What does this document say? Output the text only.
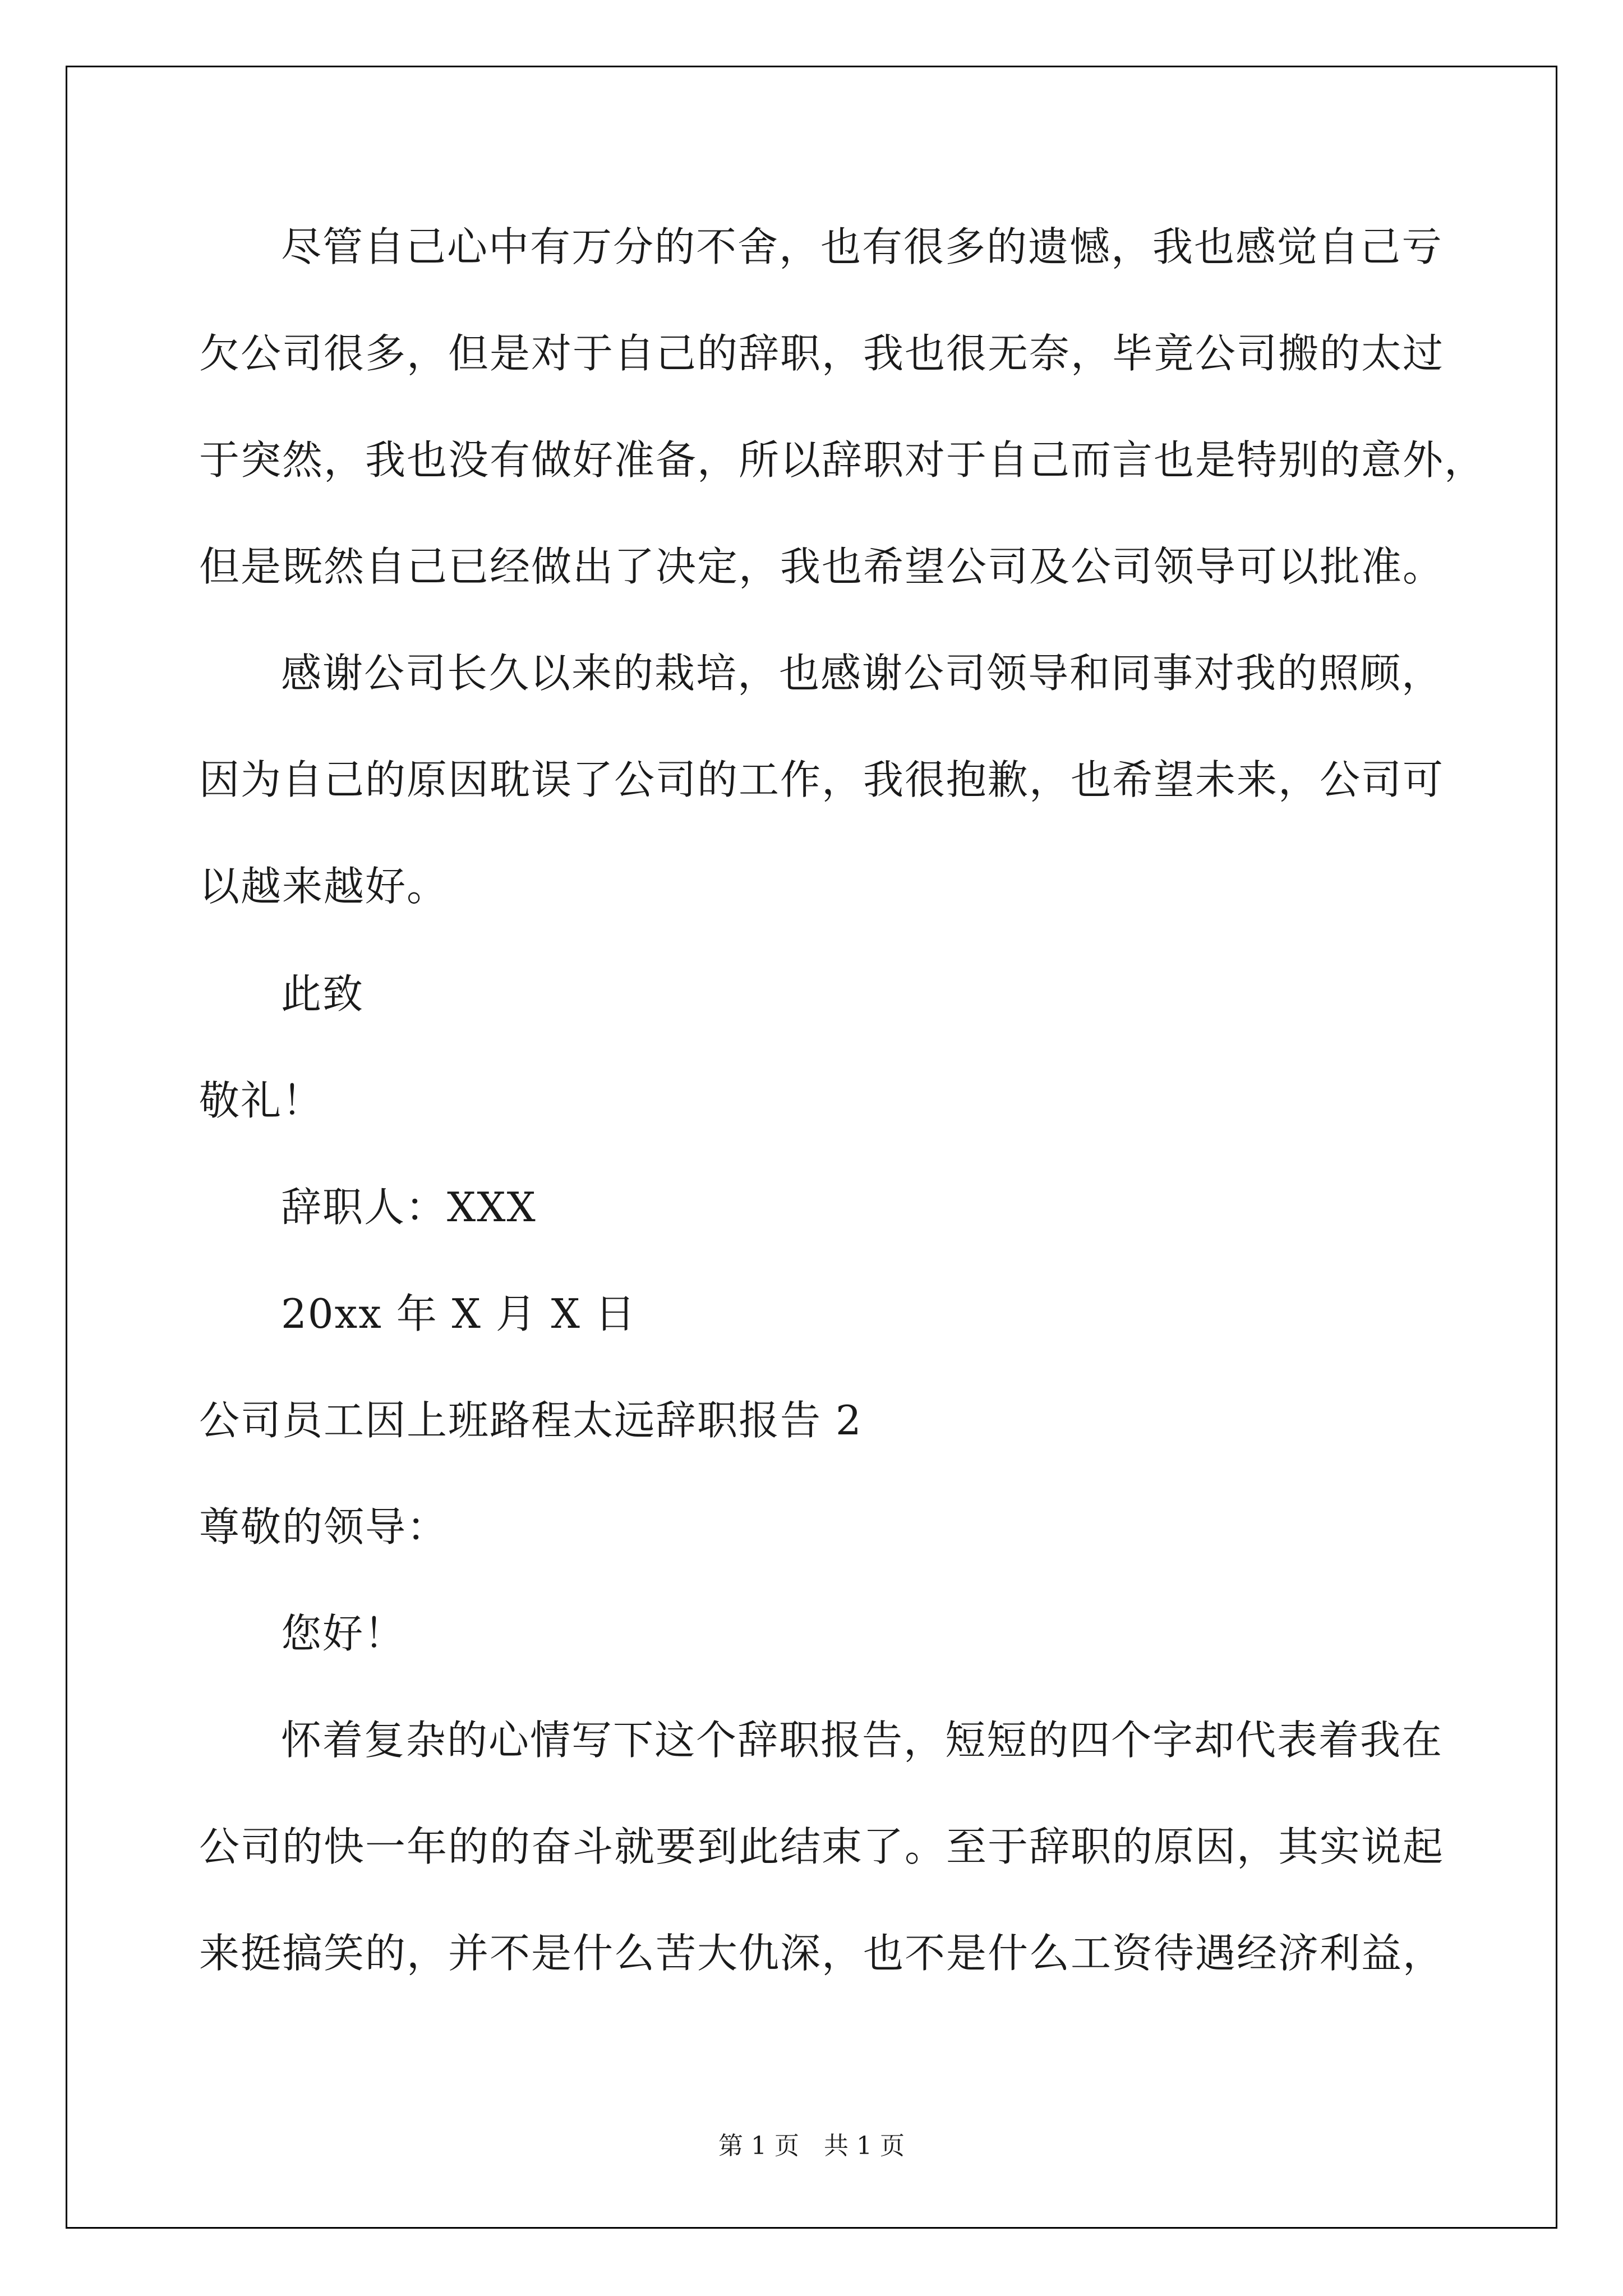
尽管自己心中有万分的不舍，也有很多的遗憾，我也感觉自己亏
欠公司很多，但是对于自己的辞职，我也很无奈，毕竟公司搬的太过
于突然，我也没有做好准备，所以辞职对于自己而言也是特别的意外，
但是既然自己已经做出了决定，我也希望公司及公司领导可以批准。
感谢公司长久以来的栽培，也感谢公司领导和同事对我的照顾，
因为自己的原因耽误了公司的工作，我很抱歉，也希望未来，公司可
以越来越好。
此致
敬礼！
辞职人：XXX
20xx 年 X 月 X 日
公司员工因上班路程太远辞职报告 2
尊敬的领导：
您好！
怀着复杂的心情写下这个辞职报告，短短的四个字却代表着我在
公司的快一年的的奋斗就要到此结束了。至于辞职的原因，其实说起
来挺搞笑的，并不是什么苦大仇深，也不是什么工资待遇经济利益，
第 1 页　共 1 页
